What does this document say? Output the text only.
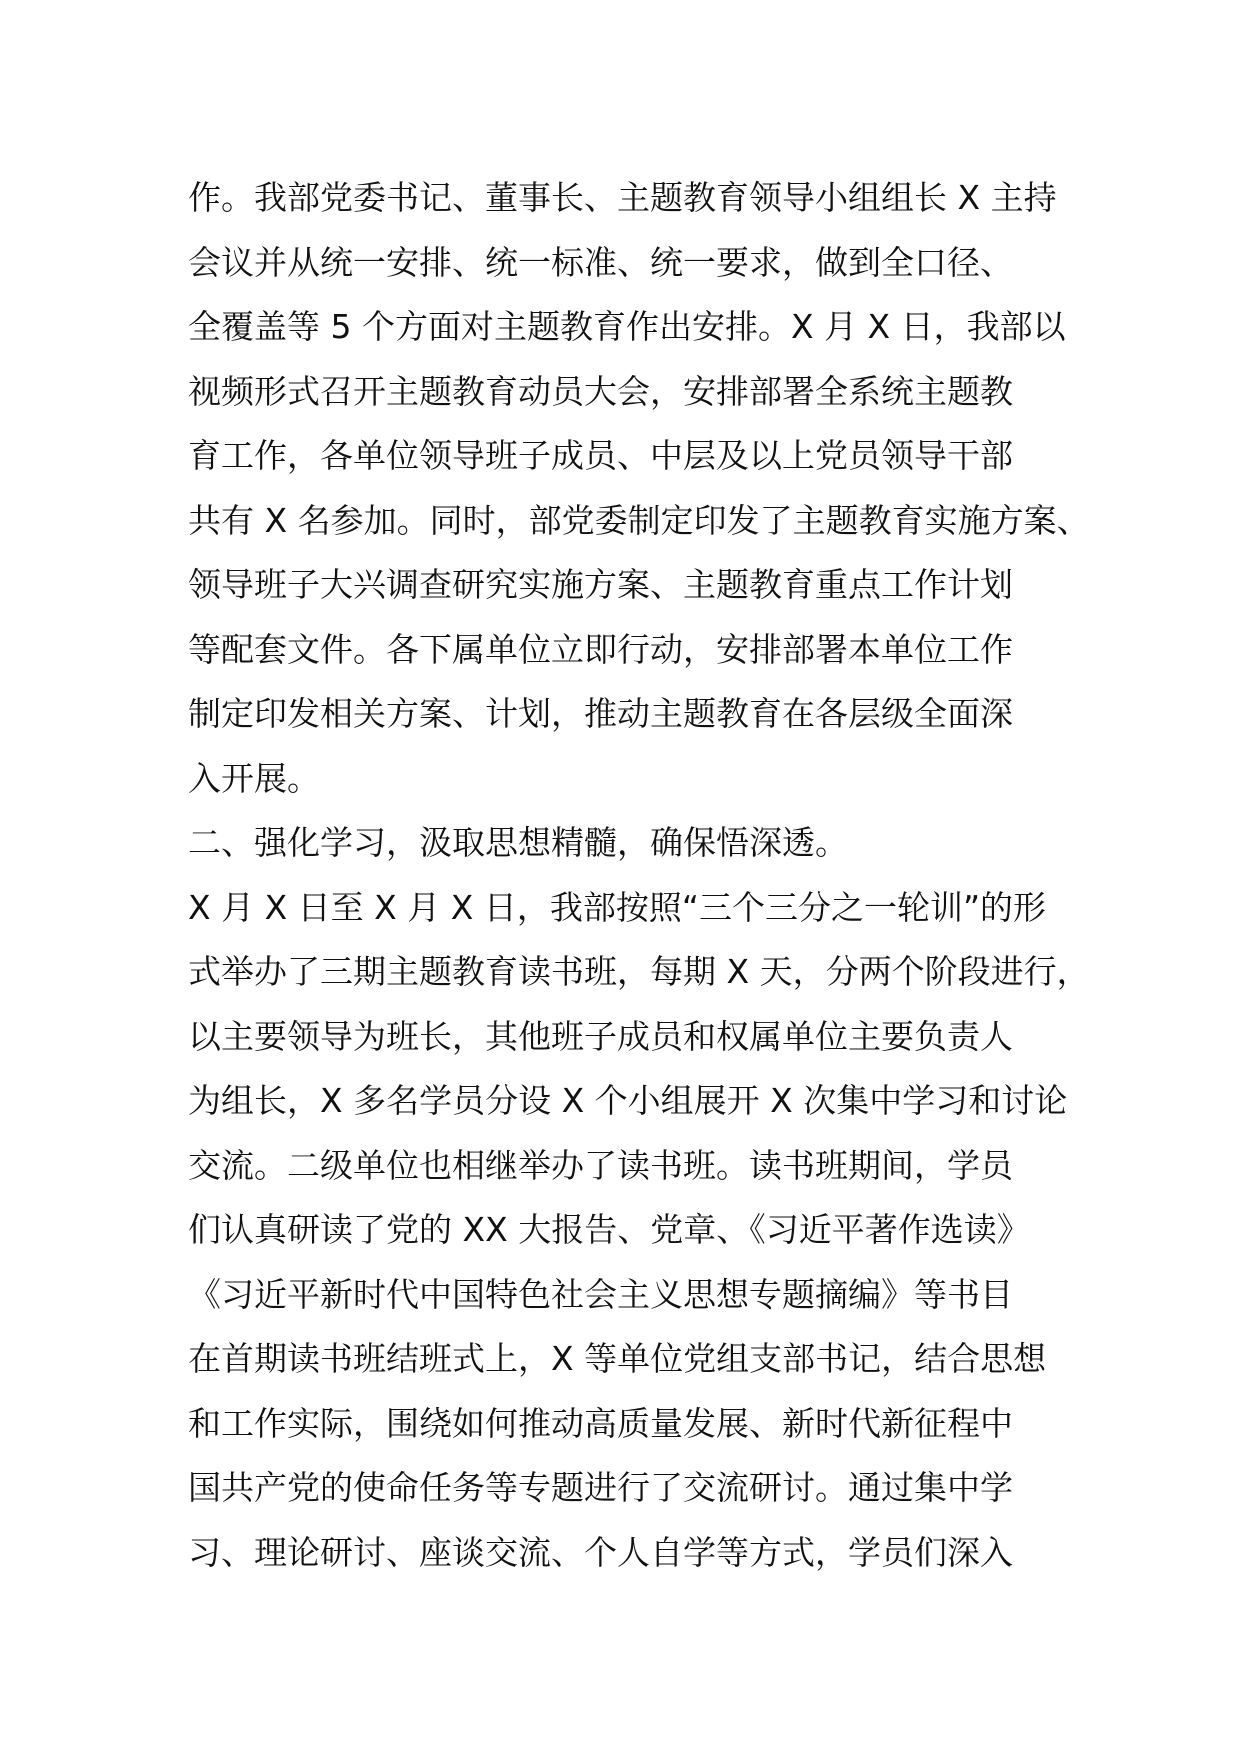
作。我部党委书记、董事长、主题教育领导小组组长 X 主持
会议并从统一安排、统一标准、统一要求，做到全口径、
全覆盖等 5 个方面对主题教育作出安排。X 月 X 日，我部以
视频形式召开主题教育动员大会，安排部署全系统主题教
育工作，各单位领导班子成员、中层及以上党员领导干部
共有 X 名参加。同时，部党委制定印发了主题教育实施方案、
领导班子大兴调查研究实施方案、主题教育重点工作计划
等配套文件。各下属单位立即行动，安排部署本单位工作
制定印发相关方案、计划，推动主题教育在各层级全面深
入开展。
二、强化学习，汲取思想精髓，确保悟深透。
X 月 X 日至 X 月 X 日，我部按照“三个三分之一轮训”的形
式举办了三期主题教育读书班，每期 X 天，分两个阶段进行，
以主要领导为班长，其他班子成员和权属单位主要负责人
为组长，X 多名学员分设 X 个小组展开 X 次集中学习和讨论
交流。二级单位也相继举办了读书班。读书班期间，学员
们认真研读了党的 XX 大报告、党章、《习近平著作选读》
《习近平新时代中国特色社会主义思想专题摘编》等书目
在首期读书班结班式上，X 等单位党组支部书记，结合思想
和工作实际，围绕如何推动高质量发展、新时代新征程中
国共产党的使命任务等专题进行了交流研讨。通过集中学
习、理论研讨、座谈交流、个人自学等方式，学员们深入
